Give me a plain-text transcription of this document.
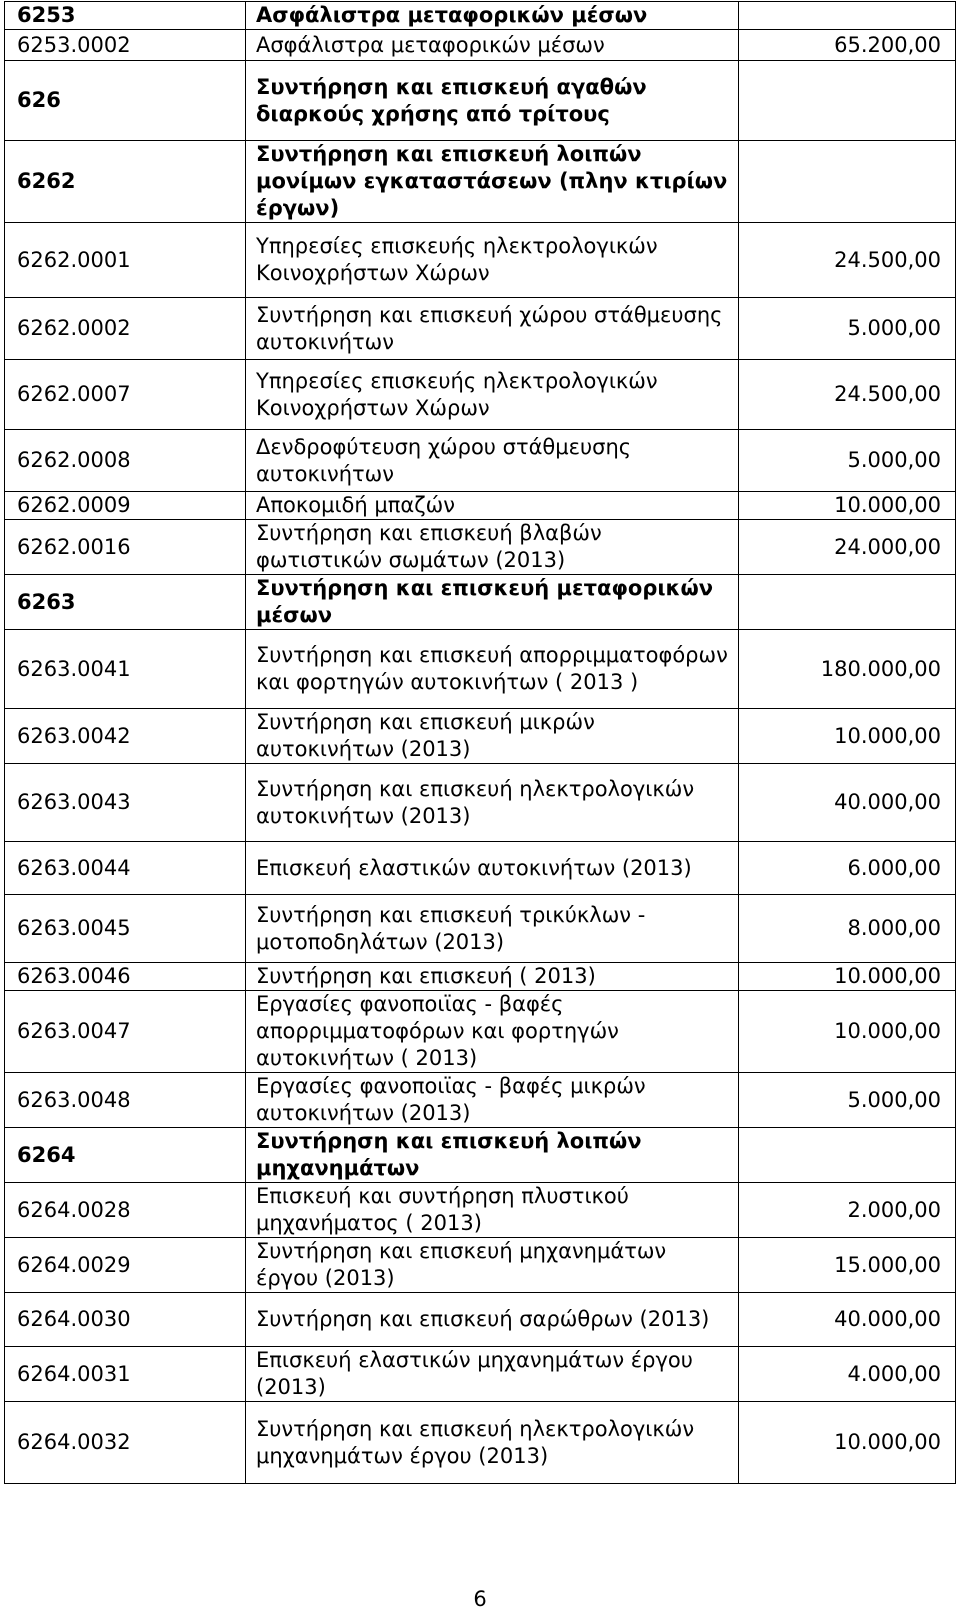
6253	Ασφάλιστρα μεταφορικών μέσων	
6253.0002	Ασφάλιστρα μεταφορικών μέσων	65.200,00
626	Συντήρηση και επισκευή αγαθών διαρκούς χρήσης από τρίτους	
6262	Συντήρηση και επισκευή λοιπών μονίμων εγκαταστάσεων (πλην κτιρίων έργων)	
6262.0001	Υπηρεσίες επισκευής ηλεκτρολογικών Κοινοχρήστων Χώρων	24.500,00
6262.0002	Συντήρηση και επισκευή χώρου στάθμευσης αυτοκινήτων	5.000,00
6262.0007	Υπηρεσίες επισκευής ηλεκτρολογικών Κοινοχρήστων Χώρων	24.500,00
6262.0008	Δενδροφύτευση χώρου στάθμευσης αυτοκινήτων	5.000,00
6262.0009	Αποκομιδή μπαζών	10.000,00
6262.0016	Συντήρηση και επισκευή βλαβών φωτιστικών σωμάτων (2013)	24.000,00
6263	Συντήρηση και επισκευή μεταφορικών μέσων	
6263.0041	Συντήρηση και επισκευή απορριμματοφόρων και φορτηγών αυτοκινήτων ( 2013 )	180.000,00
6263.0042	Συντήρηση και επισκευή μικρών αυτοκινήτων (2013)	10.000,00
6263.0043	Συντήρηση και επισκευή ηλεκτρολογικών αυτοκινήτων (2013)	40.000,00
6263.0044	Επισκευή ελαστικών αυτοκινήτων (2013)	6.000,00
6263.0045	Συντήρηση και επισκευή τρικύκλων - μοτοποδηλάτων (2013)	8.000,00
6263.0046	Συντήρηση και επισκευή ( 2013)	10.000,00
6263.0047	Εργασίες φανοποιϊας - βαφές απορριμματοφόρων και φορτηγών αυτοκινήτων ( 2013)	10.000,00
6263.0048	Εργασίες φανοποιϊας - βαφές μικρών αυτοκινήτων (2013)	5.000,00
6264	Συντήρηση και επισκευή λοιπών μηχανημάτων	
6264.0028	Επισκευή και συντήρηση πλυστικού μηχανήματος ( 2013)	2.000,00
6264.0029	Συντήρηση και επισκευή μηχανημάτων έργου (2013)	15.000,00
6264.0030	Συντήρηση και επισκευή σαρώθρων (2013)	40.000,00
6264.0031	Επισκευή ελαστικών μηχανημάτων έργου (2013)	4.000,00
6264.0032	Συντήρηση και επισκευή ηλεκτρολογικών μηχανημάτων έργου (2013)	10.000,00
6
